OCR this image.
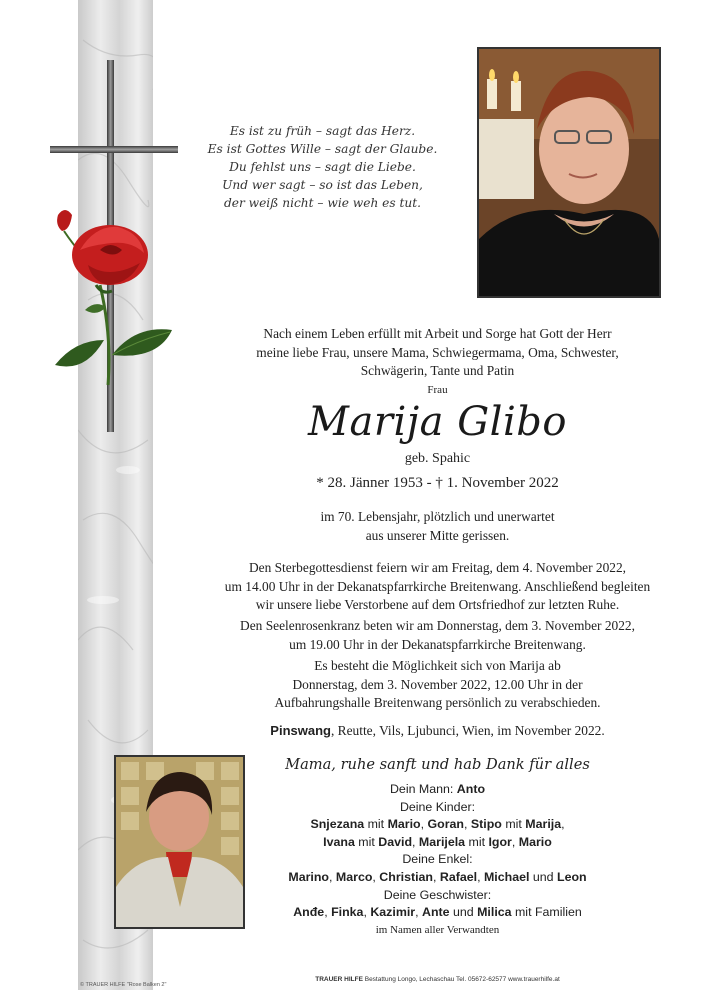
Es ist zu früh – sagt das Herz.
Es ist Gottes Wille – sagt der Glaube.
Du fehlst uns – sagt die Liebe.
Und wer sagt – so ist das Leben,
der weiß nicht – wie weh es tut.
Nach einem Leben erfüllt mit Arbeit und Sorge hat Gott der Herr
meine liebe Frau, unsere Mama, Schwiegermama, Oma, Schwester,
Schwägerin, Tante und Patin
Frau
Marija Glibo
geb. Spahic
* 28. Jänner 1953 - † 1. November 2022
im 70. Lebensjahr, plötzlich und unerwartet
aus unserer Mitte gerissen.
Den Sterbegottesdienst feiern wir am Freitag, dem 4. November 2022,
um 14.00 Uhr in der Dekanatspfarrkirche Breitenwang. Anschließend begleiten
wir unsere liebe Verstorbene auf dem Ortsfriedhof zur letzten Ruhe.
Den Seelenrosenkranz beten wir am Donnerstag, dem 3. November 2022,
um 19.00 Uhr in der Dekanatspfarrkirche Breitenwang.
Es besteht die Möglichkeit sich von Marija ab
Donnerstag, dem 3. November 2022, 12.00 Uhr in der
Aufbahrungshalle Breitenwang persönlich zu verabschieden.
Pinswang, Reutte, Vils, Ljubunci, Wien, im November 2022.
Mama, ruhe sanft und hab Dank für alles
Dein Mann: Anto
Deine Kinder:
Snjezana mit Mario, Goran, Stipo mit Marija,
Ivana mit David, Marijela mit Igor, Mario
Deine Enkel:
Marino, Marco, Christian, Rafael, Michael und Leon
Deine Geschwister:
Anđe, Finka, Kazimir, Ante und Milica mit Familien
im Namen aller Verwandten
© TRAUER HILFE "Rose Balken 2"
TRAUER HILFE Bestattung Longo, Lechaschau Tel. 05672-62577 www.trauerhilfe.at
